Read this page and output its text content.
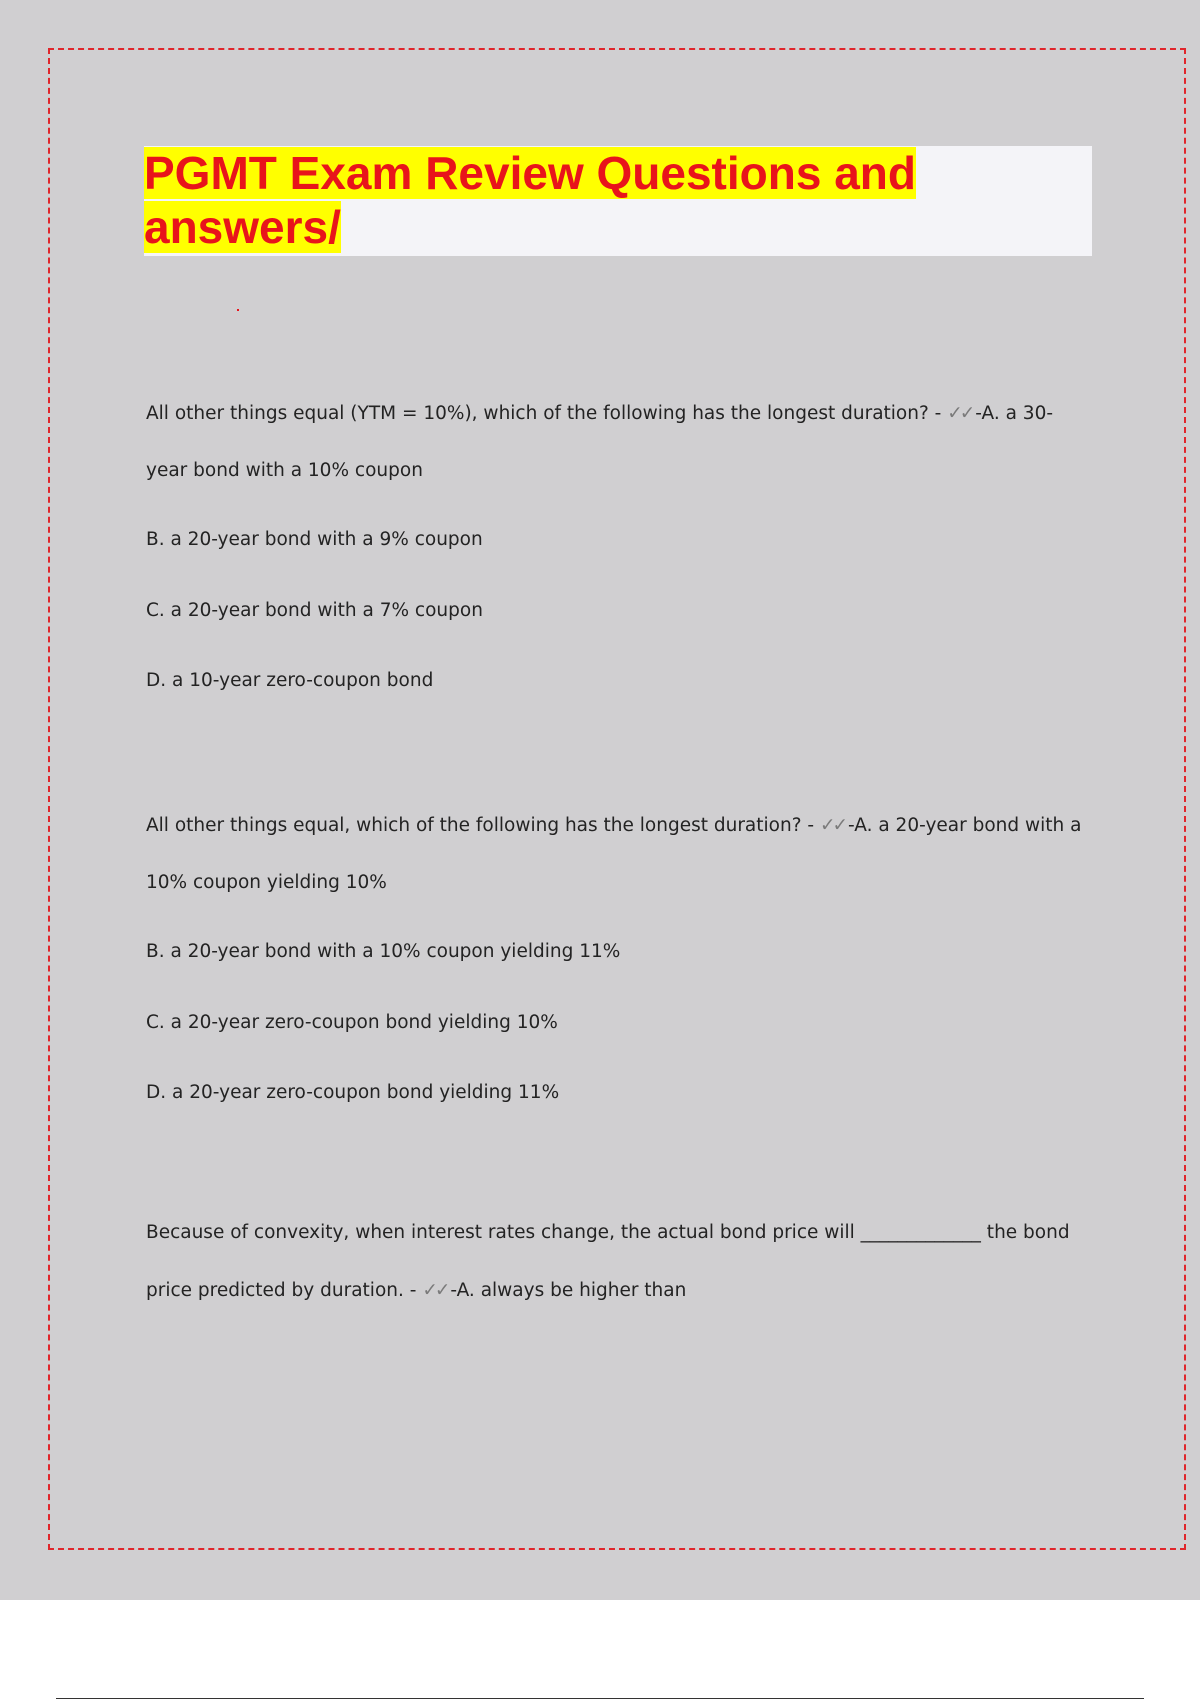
PGMT Exam Review Questions and answers/

All other things equal (YTM = 10%), which of the following has the longest duration? - ✓✓ -A. a 30-year bond with a 10% coupon

B. a 20-year bond with a 9% coupon

C. a 20-year bond with a 7% coupon

D. a 10-year zero-coupon bond

All other things equal, which of the following has the longest duration? - ✓✓ -A. a 20-year bond with a 10% coupon yielding 10%

B. a 20-year bond with a 10% coupon yielding 11%

C. a 20-year zero-coupon bond yielding 10%

D. a 20-year zero-coupon bond yielding 11%

Because of convexity, when interest rates change, the actual bond price will _____________ the bond price predicted by duration. - ✓✓ -A. always be higher than
